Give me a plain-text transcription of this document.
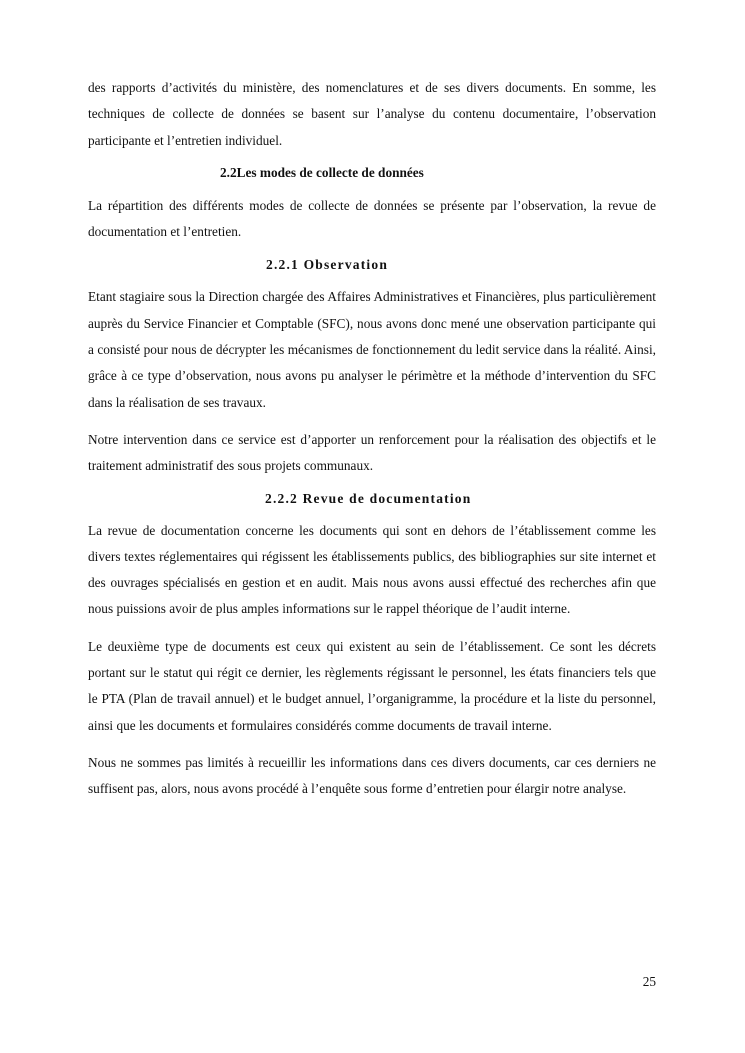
des rapports d’activités du ministère, des nomenclatures et de ses divers documents. En somme, les techniques de collecte de données se basent sur l’analyse du contenu documentaire, l’observation participante et l’entretien individuel.

2.2Les modes de collecte de données

La répartition des différents modes de collecte de données se présente par l’observation, la revue de documentation et l’entretien.

2.2.1 Observation

Etant stagiaire sous la Direction chargée des Affaires Administratives et Financières, plus particulièrement auprès du Service Financier et Comptable (SFC), nous avons donc mené une observation participante qui a consisté pour nous de décrypter les mécanismes de fonctionnement du ledit service dans la réalité. Ainsi, grâce à ce type d’observation, nous avons pu analyser le périmètre et la méthode d’intervention du SFC dans la réalisation de ses travaux.

Notre intervention dans ce service est d’apporter un renforcement pour la réalisation des objectifs et le traitement administratif des sous projets communaux.

2.2.2 Revue de documentation

La revue de documentation concerne les documents qui sont en dehors de l’établissement comme les divers textes réglementaires qui régissent les établissements publics, des bibliographies sur site internet et des ouvrages spécialisés en gestion et en audit. Mais nous avons aussi effectué des recherches afin que nous puissions avoir de plus amples informations sur le rappel théorique de l’audit interne.

Le deuxième type de documents est ceux qui existent au sein de l’établissement. Ce sont les décrets portant sur le statut qui régit ce dernier, les règlements régissant le personnel, les états financiers tels que le PTA (Plan de travail annuel) et le budget annuel, l’organigramme, la procédure et la liste du personnel, ainsi que les documents et formulaires considérés comme documents de travail interne.

Nous ne sommes pas limités à recueillir les informations dans ces divers documents, car ces derniers ne suffisent pas, alors, nous avons procédé à l’enquête sous forme d’entretien pour élargir notre analyse.

25
